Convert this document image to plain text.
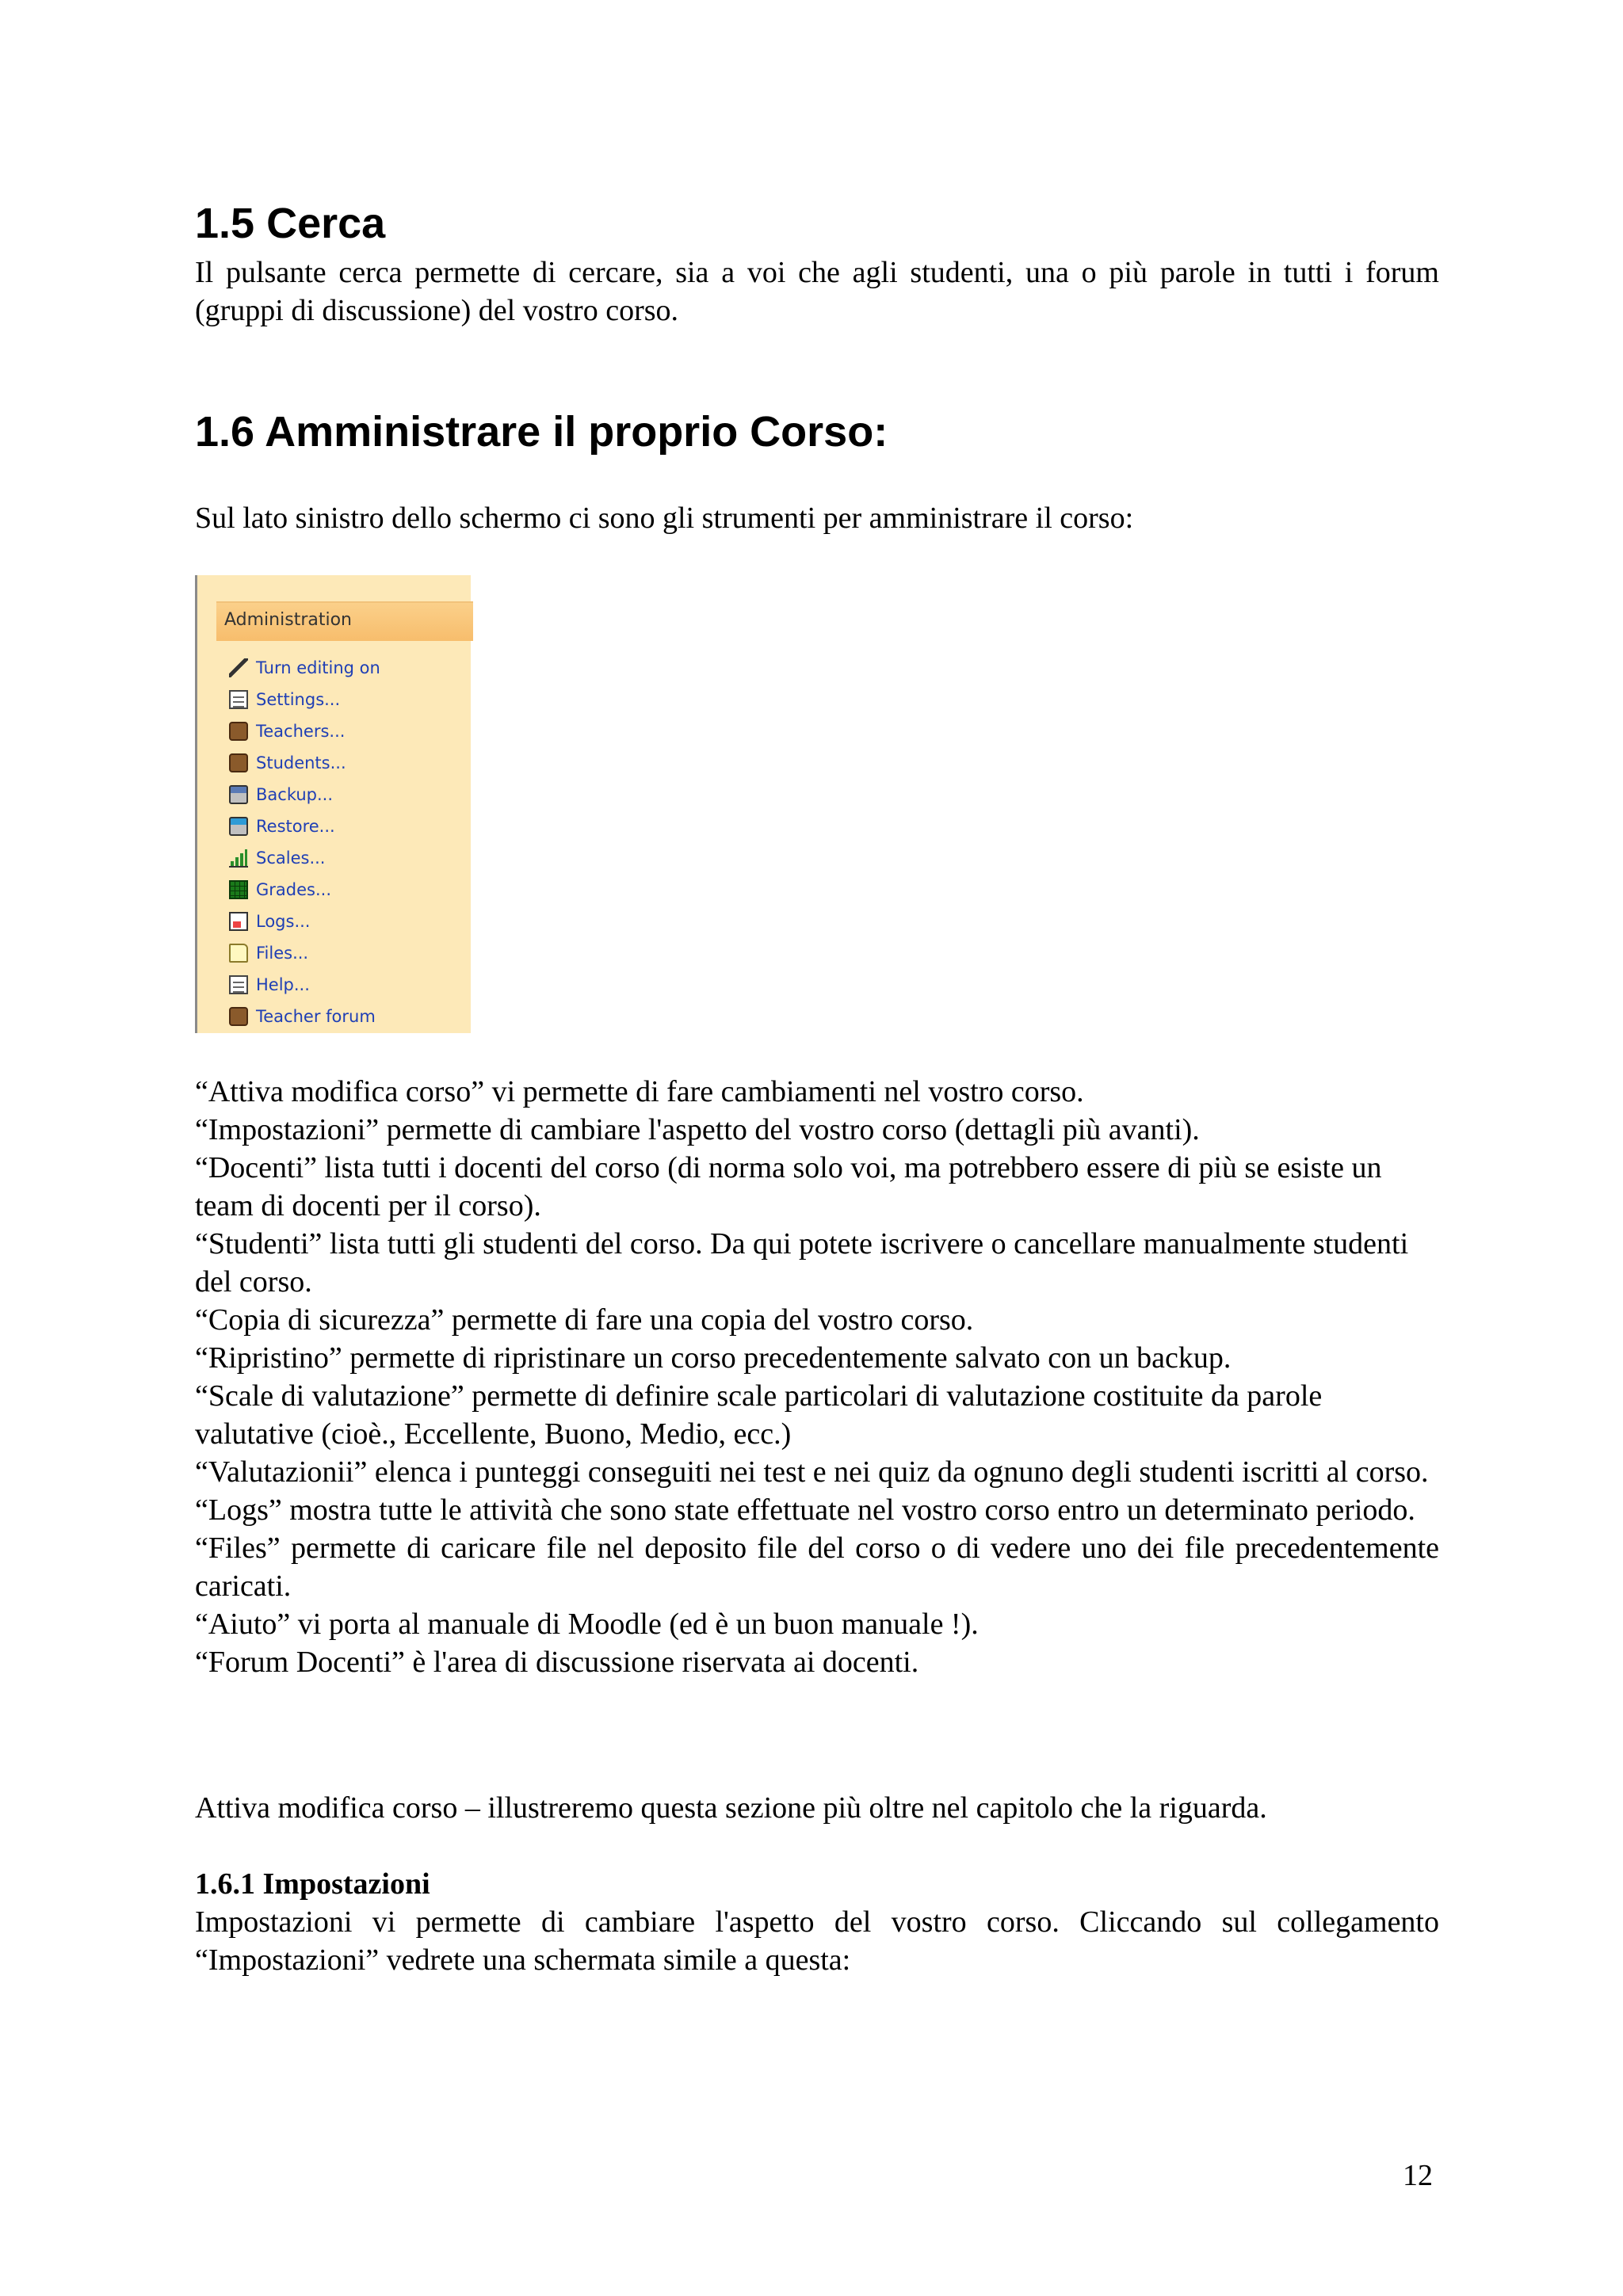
1.5 Cerca

Il pulsante cerca permette di cercare, sia a voi che agli studenti, una o più parole in tutti i forum (gruppi di discussione) del vostro corso.

1.6 Amministrare il proprio Corso:

Sul lato sinistro dello schermo ci sono gli strumenti per amministrare il corso:

“Attiva modifica corso” vi permette di fare cambiamenti nel vostro corso.

“Impostazioni” permette di cambiare l'aspetto del vostro corso (dettagli più avanti).

“Docenti” lista tutti i docenti del corso (di norma solo voi, ma potrebbero essere di più se esiste un team di docenti per il corso).

“Studenti” lista tutti gli studenti del corso. Da qui potete iscrivere o cancellare manualmente studenti del corso.

“Copia di sicurezza” permette di fare una copia del vostro corso.

“Ripristino” permette di ripristinare un corso precedentemente salvato con un backup.

“Scale di valutazione” permette di definire scale particolari di valutazione costituite da parole valutative (cioè., Eccellente, Buono, Medio, ecc.)

“Valutazionii” elenca i punteggi conseguiti nei test e nei quiz da ognuno degli studenti iscritti al corso.

“Logs” mostra tutte le attività che sono state effettuate nel vostro corso entro un determinato periodo.

“Files” permette di caricare file nel deposito file del corso o di vedere uno dei file precedentemente caricati.

“Aiuto” vi porta al manuale di Moodle (ed è un buon manuale !).

“Forum Docenti” è l'area di discussione riservata ai docenti.

Attiva modifica corso – illustreremo questa sezione più oltre nel capitolo che la riguarda.

1.6.1 Impostazioni

Impostazioni vi permette di cambiare l'aspetto del vostro corso. Cliccando sul collegamento “Impostazioni” vedrete una schermata simile a questa:

Administration
Turn editing on
Settings...
Teachers...
Students...
Backup...
Restore...
Scales...
Grades...
Logs...
Files...
Help...
Teacher forum
12
